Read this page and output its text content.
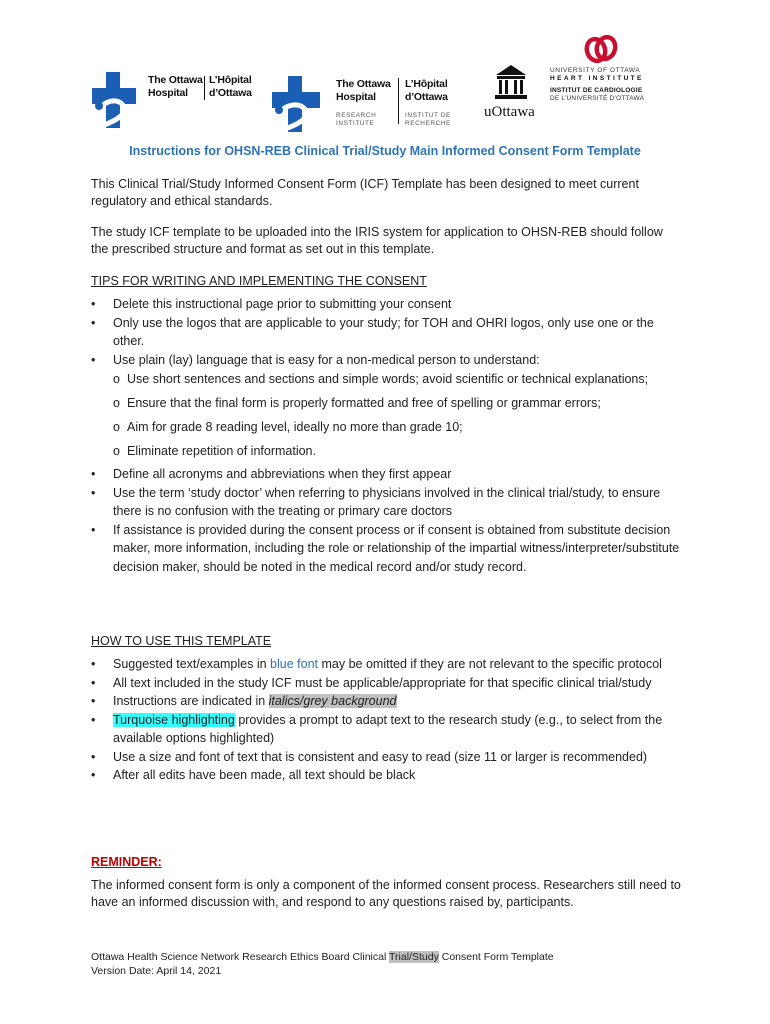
The Ottawa
Hospital
L’Hôpital
d’Ottawa
The Ottawa
Hospital
L’Hôpital
d’Ottawa
RESEARCH
INSTITUTE
INSTITUT DE
RECHERCHE
uOttawa
UNIVERSITY OF OTTAWA
HEART INSTITUTE
INSTITUT DE CARDIOLOGIE
DE L’UNIVERSITÉ D’OTTAWA
Instructions for OHSN-REB Clinical Trial/Study Main Informed Consent Form Template

This Clinical Trial/Study Informed Consent Form (ICF) Template has been designed to meet current regulatory and ethical standards.

The study ICF template to be uploaded into the IRIS system for application to OHSN-REB should follow the prescribed structure and format as set out in this template.

TIPS FOR WRITING AND IMPLEMENTING THE CONSENT

• Delete this instructional page prior to submitting your consent
• Only use the logos that are applicable to your study; for TOH and OHRI logos, only use one or the other.
• Use plain (lay) language that is easy for a non-medical person to understand:
o Use short sentences and sections and simple words; avoid scientific or technical explanations;
o Ensure that the final form is properly formatted and free of spelling or grammar errors;
o Aim for grade 8 reading level, ideally no more than grade 10;
o Eliminate repetition of information.
• Define all acronyms and abbreviations when they first appear
• Use the term ‘study doctor’ when referring to physicians involved in the clinical trial/study, to ensure there is no confusion with the treating or primary care doctors
• If assistance is provided during the consent process or if consent is obtained from substitute decision maker, more information, including the role or relationship of the impartial witness/interpreter/substitute decision maker, should be noted in the medical record and/or study record.

HOW TO USE THIS TEMPLATE

• Suggested text/examples in blue font may be omitted if they are not relevant to the specific protocol
• All text included in the study ICF must be applicable/appropriate for that specific clinical trial/study
• Instructions are indicated in italics/grey background
• Turquoise highlighting provides a prompt to adapt text to the research study (e.g., to select from the available options highlighted)
• Use a size and font of text that is consistent and easy to read (size 11 or larger is recommended)
• After all edits have been made, all text should be black

REMINDER:

The informed consent form is only a component of the informed consent process. Researchers still need to have an informed discussion with, and respond to any questions raised by, participants.

Ottawa Health Science Network Research Ethics Board Clinical Trial/Study Consent Form Template
Version Date: April 14, 2021
